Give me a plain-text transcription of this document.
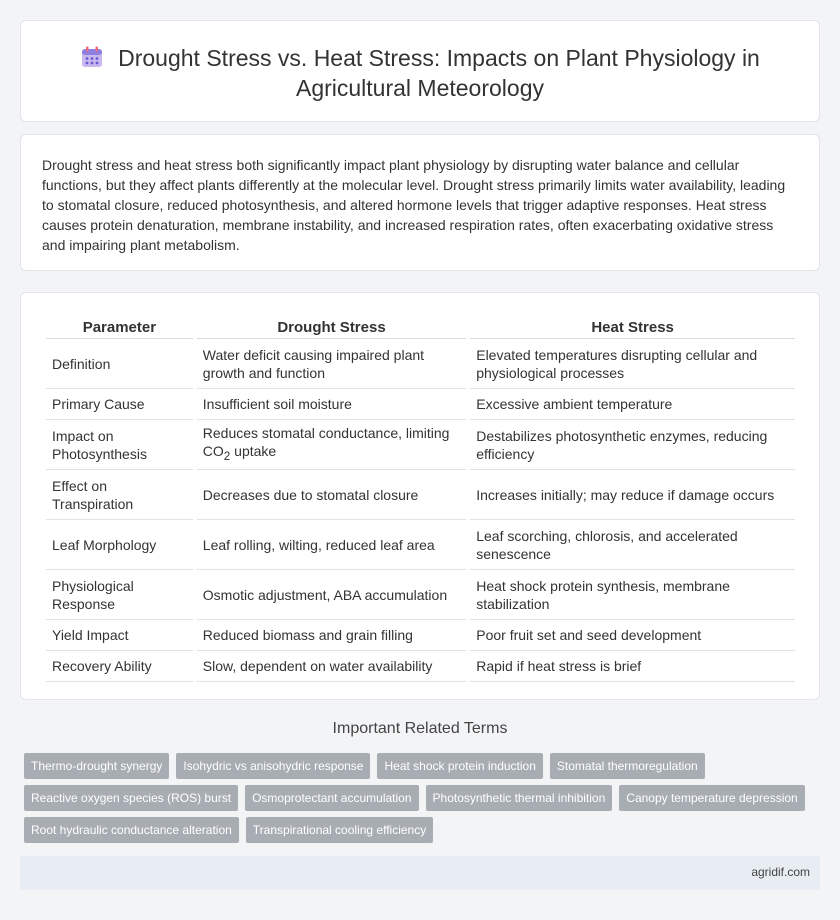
Drought Stress vs. Heat Stress: Impacts on Plant Physiology in Agricultural Meteorology

Drought stress and heat stress both significantly impact plant physiology by disrupting water balance and cellular functions, but they affect plants differently at the molecular level. Drought stress primarily limits water availability, leading to stomatal closure, reduced photosynthesis, and altered hormone levels that trigger adaptive responses. Heat stress causes protein denaturation, membrane instability, and increased respiration rates, often exacerbating oxidative stress and impairing plant metabolism.

Parameter	Drought Stress	Heat Stress
Definition	Water deficit causing impaired plant growth and function	Elevated temperatures disrupting cellular and physiological processes
Primary Cause	Insufficient soil moisture	Excessive ambient temperature
Impact on Photosynthesis	Reduces stomatal conductance, limiting $CO_2$ uptake	Destabilizes photosynthetic enzymes, reducing efficiency
Effect on Transpiration	Decreases due to stomatal closure	Increases initially; may reduce if damage occurs
Leaf Morphology	Leaf rolling, wilting, reduced leaf area	Leaf scorching, chlorosis, and accelerated senescence
Physiological Response	Osmotic adjustment, ABA accumulation	Heat shock protein synthesis, membrane stabilization
Yield Impact	Reduced biomass and grain filling	Poor fruit set and seed development
Recovery Ability	Slow, dependent on water availability	Rapid if heat stress is brief
Important Related Terms
Thermo-drought synergy	Isohydric vs anisohydric response	Heat shock protein induction	Stomatal thermoregulation
Reactive oxygen species (ROS) burst	Osmoprotectant accumulation	Photosynthetic thermal inhibition	Canopy temperature depression
Root hydraulic conductance alteration	Transpirational cooling efficiency
agridif.com
